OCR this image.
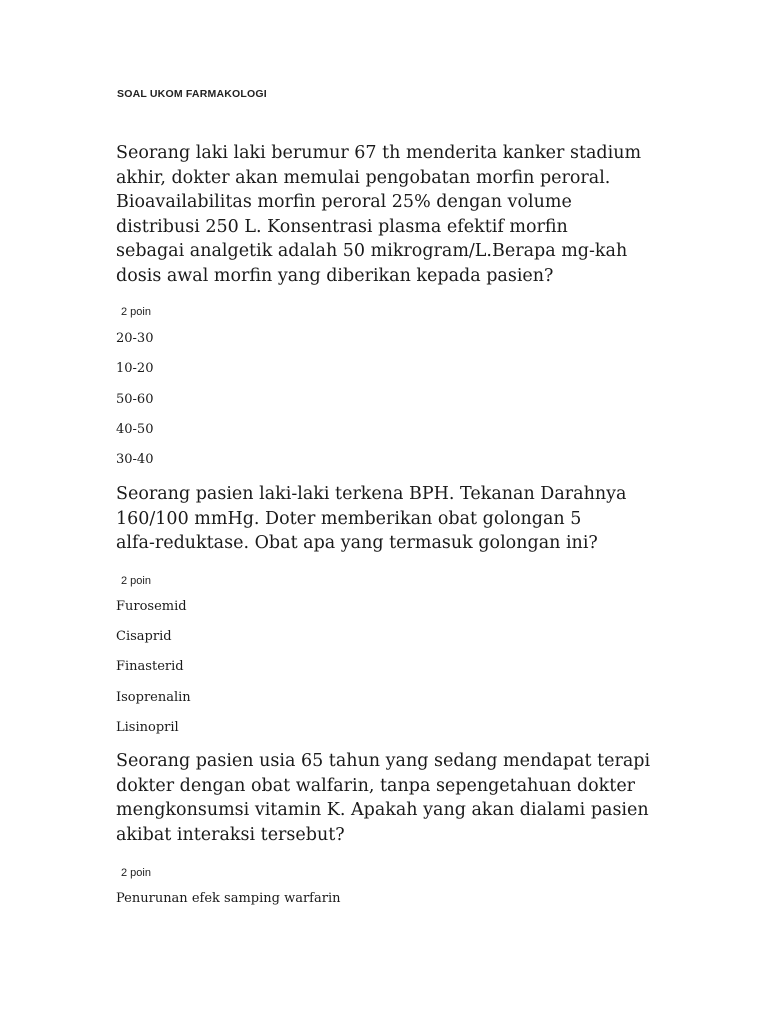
SOAL UKOM FARMAKOLOGI
Seorang laki laki berumur 67 th menderita kanker stadium
akhir, dokter akan memulai pengobatan morfin peroral.
Bioavailabilitas morfin peroral 25% dengan volume
distribusi 250 L. Konsentrasi plasma efektif morfin
sebagai analgetik adalah 50 mikrogram/L.Berapa mg-kah
dosis awal morfin yang diberikan kepada pasien?
2 poin
20-30
10-20
50-60
40-50
30-40
Seorang pasien laki-laki terkena BPH. Tekanan Darahnya
160/100 mmHg. Doter memberikan obat golongan 5
alfa-reduktase. Obat apa yang termasuk golongan ini?
2 poin
Furosemid
Cisaprid
Finasterid
Isoprenalin
Lisinopril
Seorang pasien usia 65 tahun yang sedang mendapat terapi
dokter dengan obat walfarin, tanpa sepengetahuan dokter
mengkonsumsi vitamin K. Apakah yang akan dialami pasien
akibat interaksi tersebut?
2 poin
Penurunan efek samping warfarin
